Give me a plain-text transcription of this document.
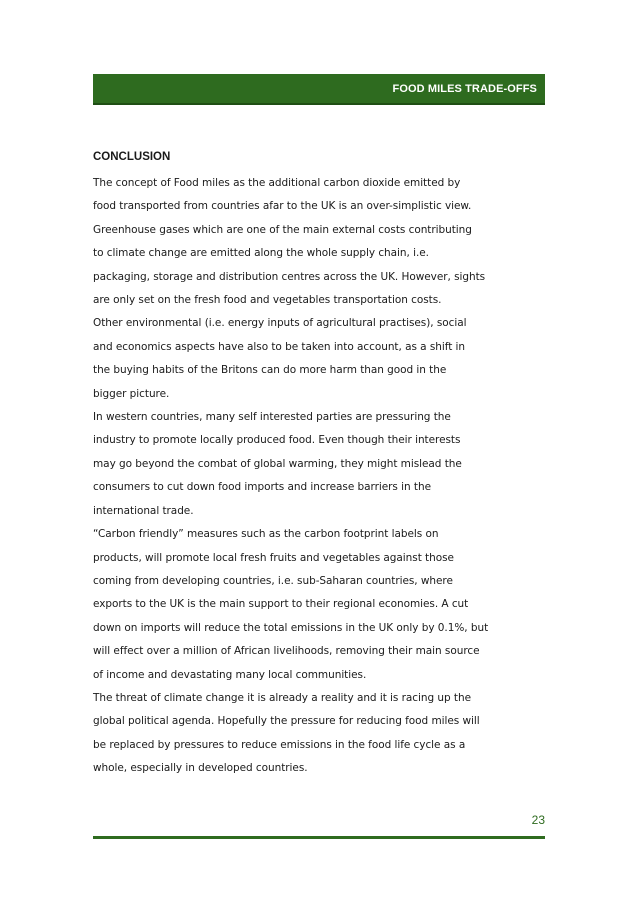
FOOD MILES TRADE-OFFS
CONCLUSION
The concept of Food miles as the additional carbon dioxide emitted by
food transported from countries afar to the UK is an over-simplistic view.
Greenhouse gases which are one of the main external costs contributing
to climate change are emitted along the whole supply chain, i.e.
packaging, storage and distribution centres across the UK. However, sights
are only set on the fresh food and vegetables transportation costs.
Other environmental (i.e. energy inputs of agricultural practises), social
and economics aspects have also to be taken into account, as a shift in
the buying habits of the Britons can do more harm than good in the
bigger picture.
In western countries, many self interested parties are pressuring the
industry to promote locally produced food. Even though their interests
may go beyond the combat of global warming, they might mislead the
consumers to cut down food imports and increase barriers in the
international trade.
“Carbon friendly” measures such as the carbon footprint labels on
products, will promote local fresh fruits and vegetables against those
coming from developing countries, i.e. sub-Saharan countries, where
exports to the UK is the main support to their regional economies. A cut
down on imports will reduce the total emissions in the UK only by 0.1%, but
will effect over a million of African livelihoods, removing their main source
of income and devastating many local communities.
The threat of climate change it is already a reality and it is racing up the
global political agenda. Hopefully the pressure for reducing food miles will
be replaced by pressures to reduce emissions in the food life cycle as a
whole, especially in developed countries.
23
